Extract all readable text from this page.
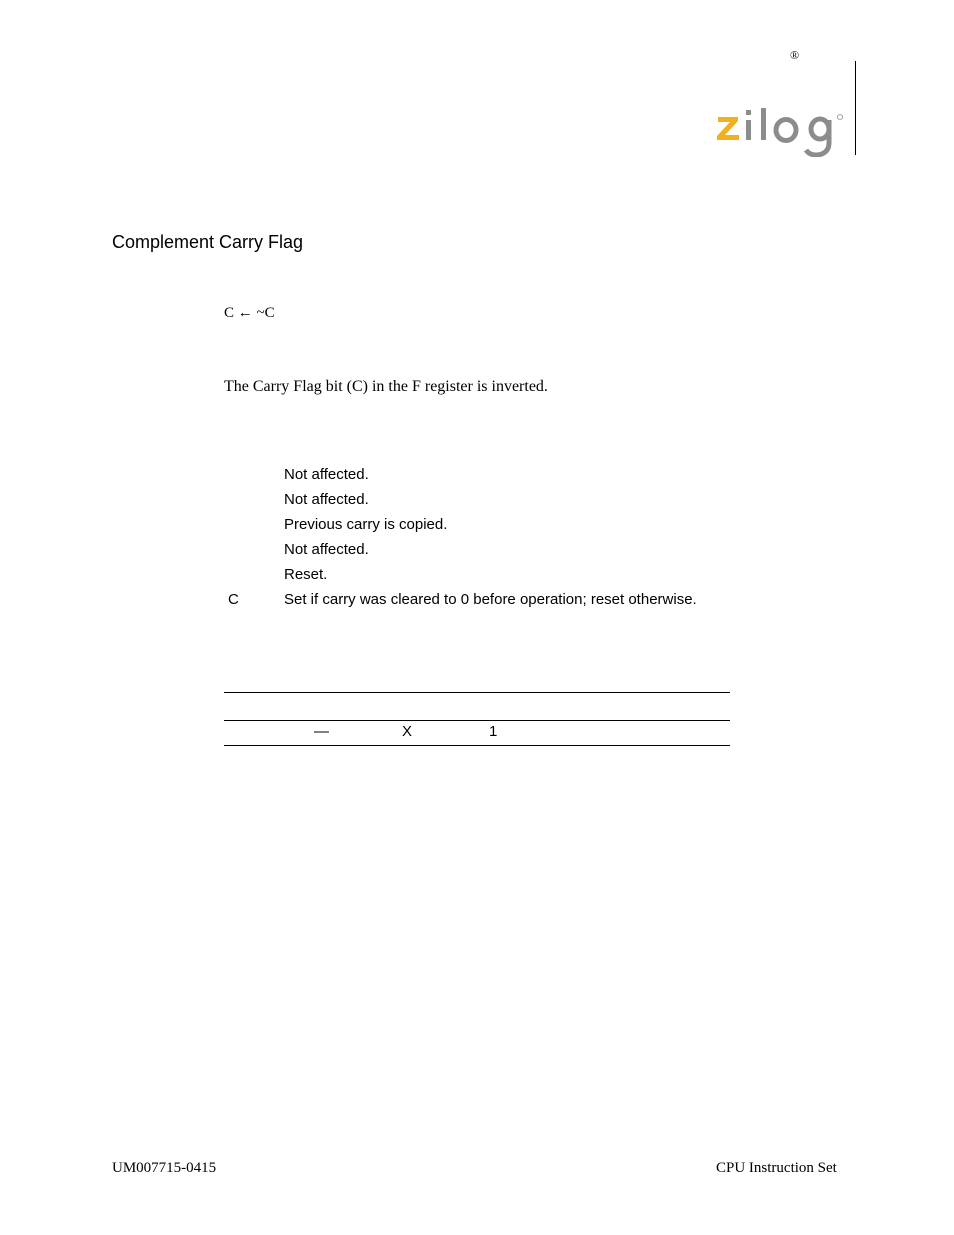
®
Complement Carry Flag
C ← ~C
The Carry Flag bit (C) in the F register is inverted.
Not affected.
Not affected.
Previous carry is copied.
Not affected.
Reset.
C	Set if carry was cleared to 0 before operation; reset otherwise.
—	X	1
UM007715-0415	CPU Instruction Set
